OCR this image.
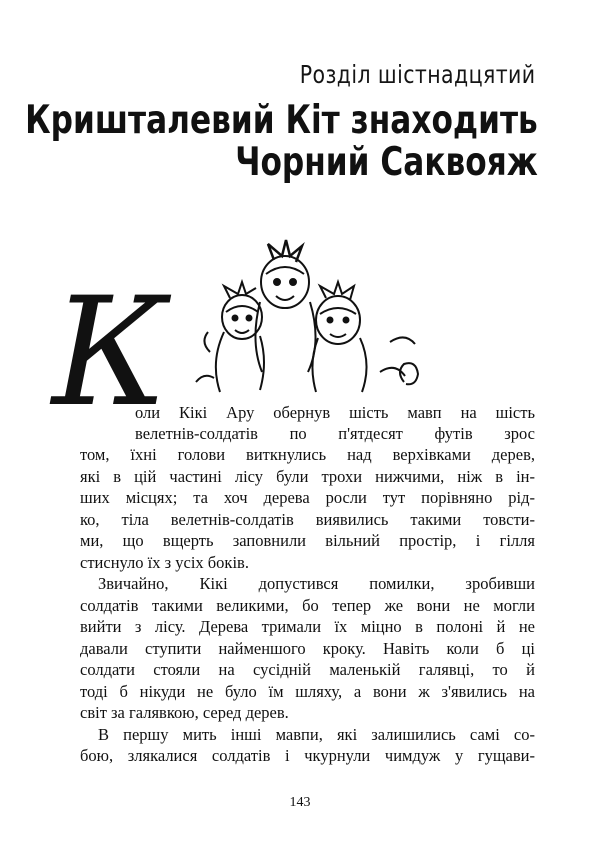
Розділ шістнадцятий
Кришталевий Кіт знаходить
Чорний Саквояж
К
оли Кікі Ару обернув шість мавп на шість
велетнів-солдатів по п'ятдесят футів зрос
том, їхні голови виткнулись над верхівками дерев,
які в цій частині лісу були трохи нижчими, ніж в ін-
ших місцях; та хоч дерева росли тут порівняно рід-
ко, тіла велетнів-солдатів виявились такими товсти-
ми, що вщерть заповнили вільний простір, і гілля
стиснуло їх з усіх боків.
Звичайно, Кікі допустився помилки, зробивши
солдатів такими великими, бо тепер же вони не могли
вийти з лісу. Дерева тримали їх міцно в полоні й не
давали ступити найменшого кроку. Навіть коли б ці
солдати стояли на сусідній маленькій галявці, то й
тоді б нікуди не було їм шляху, а вони ж з'явились на
світ за галявкою, серед дерев.
В першу мить інші мавпи, які залишились самі со-
бою, злякалися солдатів і чкурнули чимдуж у гущави-
143
